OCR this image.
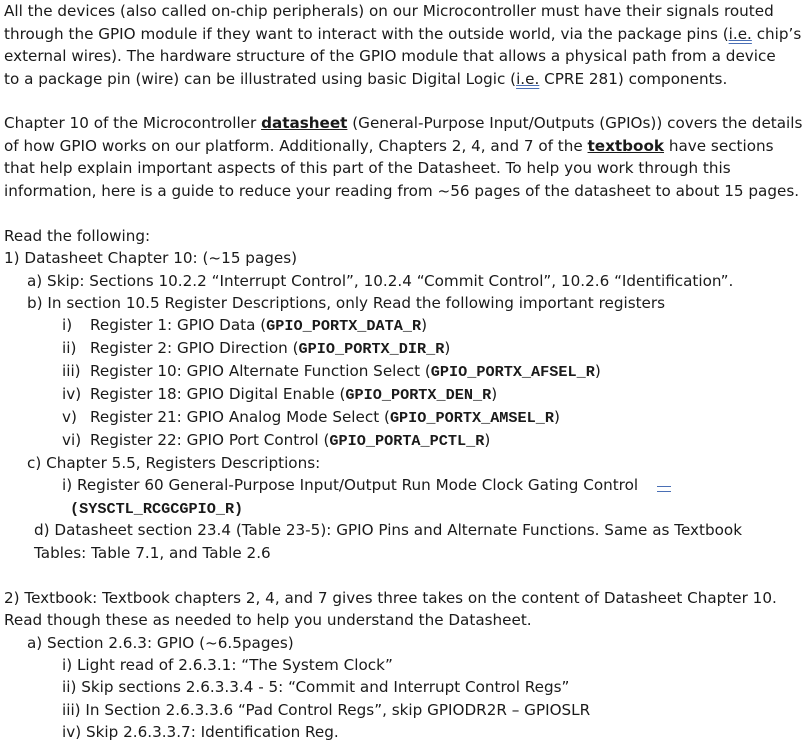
All the devices (also called on-chip peripherals) on our Microcontroller must have their signals routed
through the GPIO module if they want to interact with the outside world, via the package pins (i.e. chip’s
external wires). The hardware structure of the GPIO module that allows a physical path from a device
to a package pin (wire) can be illustrated using basic Digital Logic (i.e. CPRE 281) components.
Chapter 10 of the Microcontroller datasheet (General-Purpose Input/Outputs (GPIOs)) covers the details
of how GPIO works on our platform. Additionally, Chapters 2, 4, and 7 of the textbook have sections
that help explain important aspects of this part of the Datasheet. To help you work through this
information, here is a guide to reduce your reading from ~56 pages of the datasheet to about 15 pages.
Read the following:
1) Datasheet Chapter 10: (~15 pages)
a) Skip: Sections 10.2.2 “Interrupt Control”, 10.2.4 “Commit Control”, 10.2.6 “Identification”.
b) In section 10.5 Register Descriptions, only Read the following important registers
i) Register 1: GPIO Data (GPIO_PORTX_DATA_R)
ii) Register 2: GPIO Direction (GPIO_PORTX_DIR_R)
iii) Register 10: GPIO Alternate Function Select (GPIO_PORTX_AFSEL_R)
iv) Register 18: GPIO Digital Enable (GPIO_PORTX_DEN_R)
v) Register 21: GPIO Analog Mode Select (GPIO_PORTX_AMSEL_R)
vi) Register 22: GPIO Port Control (GPIO_PORTA_PCTL_R)
c) Chapter 5.5, Registers Descriptions:
i) Register 60 General-Purpose Input/Output Run Mode Clock Gating Control
(SYSCTL_RCGCGPIO_R)
d) Datasheet section 23.4 (Table 23-5): GPIO Pins and Alternate Functions. Same as Textbook
Tables: Table 7.1, and Table 2.6
2) Textbook: Textbook chapters 2, 4, and 7 gives three takes on the content of Datasheet Chapter 10.
Read though these as needed to help you understand the Datasheet.
a) Section 2.6.3: GPIO (~6.5pages)
i) Light read of 2.6.3.1: “The System Clock”
ii) Skip sections 2.6.3.3.4 - 5: “Commit and Interrupt Control Regs”
iii) In Section 2.6.3.3.6 “Pad Control Regs”, skip GPIODR2R – GPIOSLR
iv) Skip 2.6.3.3.7: Identification Reg.
